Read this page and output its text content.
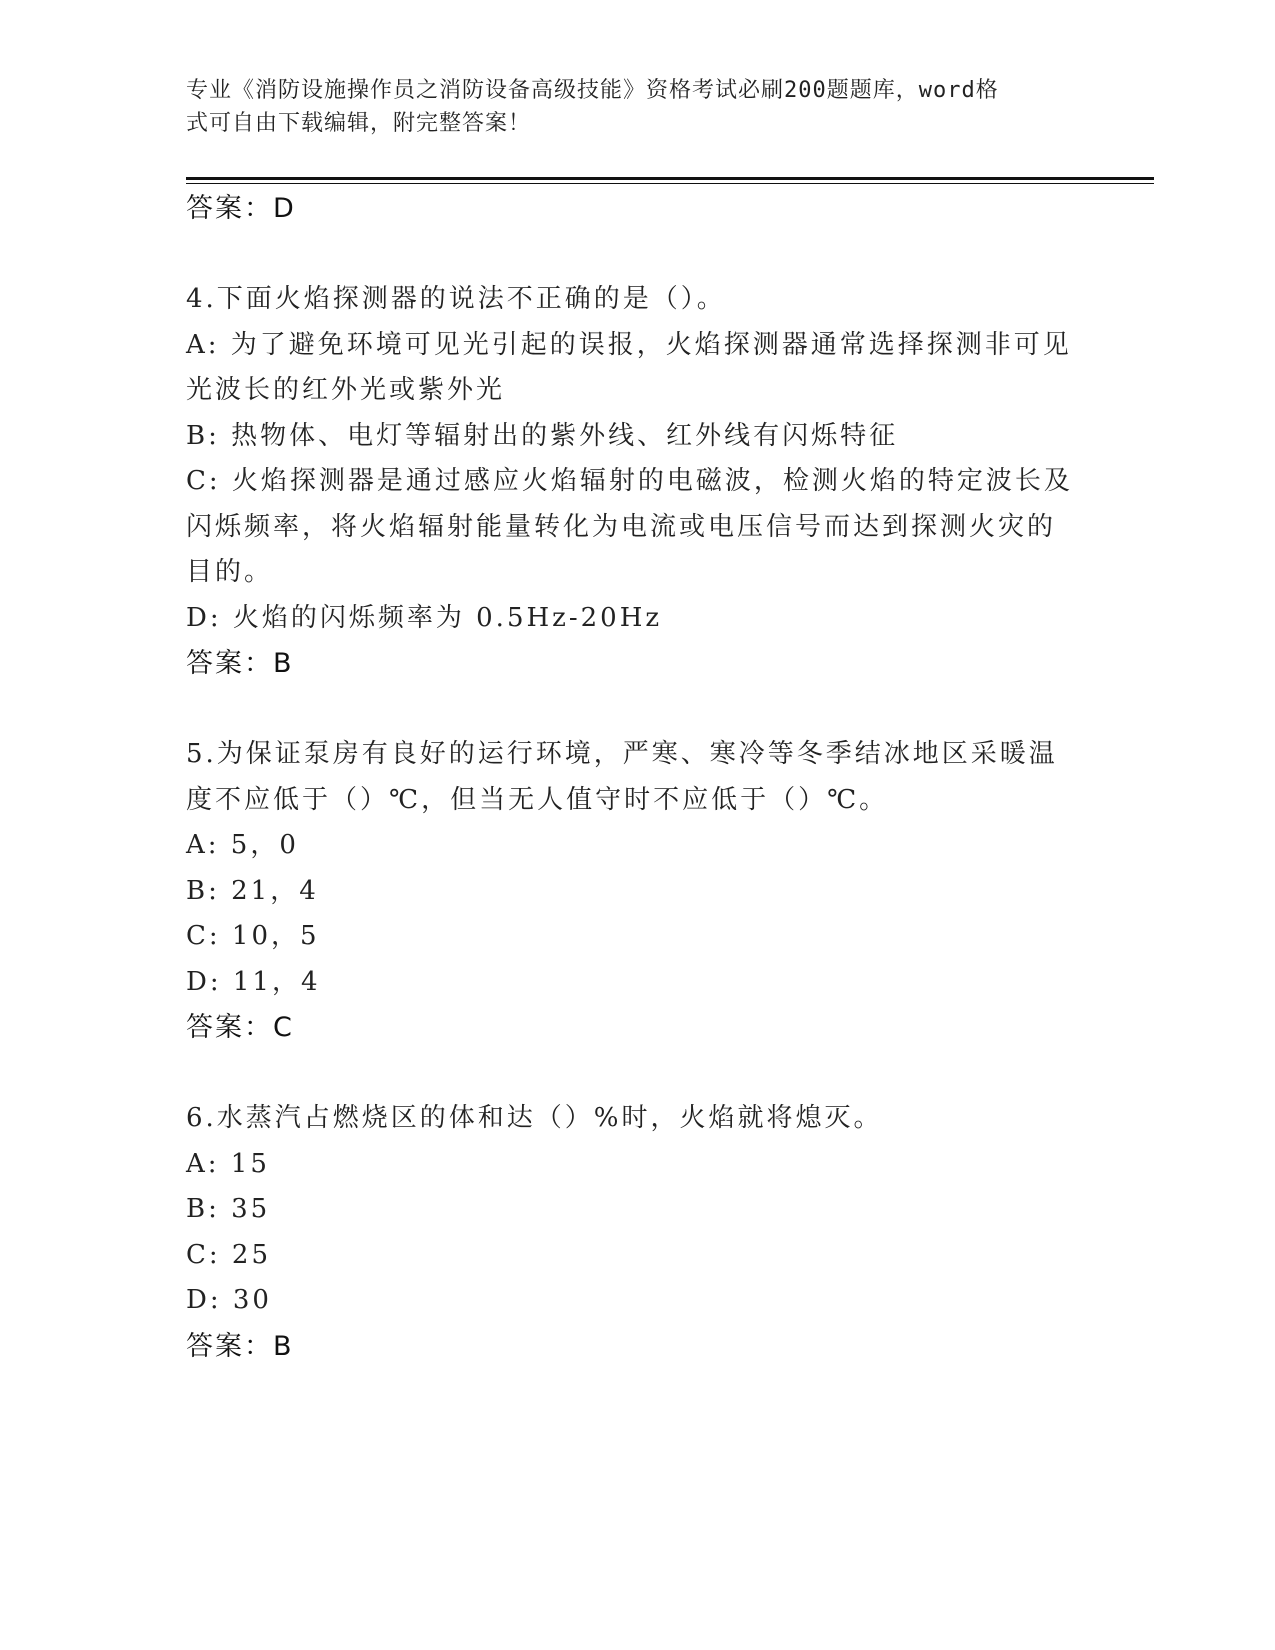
专业《消防设施操作员之消防设备高级技能》资格考试必刷200题题库，word格
式可自由下载编辑，附完整答案！
答案：D
4.下面火焰探测器的说法不正确的是（）。
A: 为了避免环境可见光引起的误报，火焰探测器通常选择探测非可见
光波长的红外光或紫外光
B: 热物体、电灯等辐射出的紫外线、红外线有闪烁特征
C: 火焰探测器是通过感应火焰辐射的电磁波，检测火焰的特定波长及
闪烁频率，将火焰辐射能量转化为电流或电压信号而达到探测火灾的
目的。
D: 火焰的闪烁频率为 0.5Hz-20Hz
答案：B
5.为保证泵房有良好的运行环境，严寒、寒冷等冬季结冰地区采暖温
度不应低于（）℃，但当无人值守时不应低于（）℃。
A: 5，0
B: 21，4
C: 10，5
D: 11，4
答案：C
6.水蒸汽占燃烧区的体和达（）%时，火焰就将熄灭。
A: 15
B: 35
C: 25
D: 30
答案：B
